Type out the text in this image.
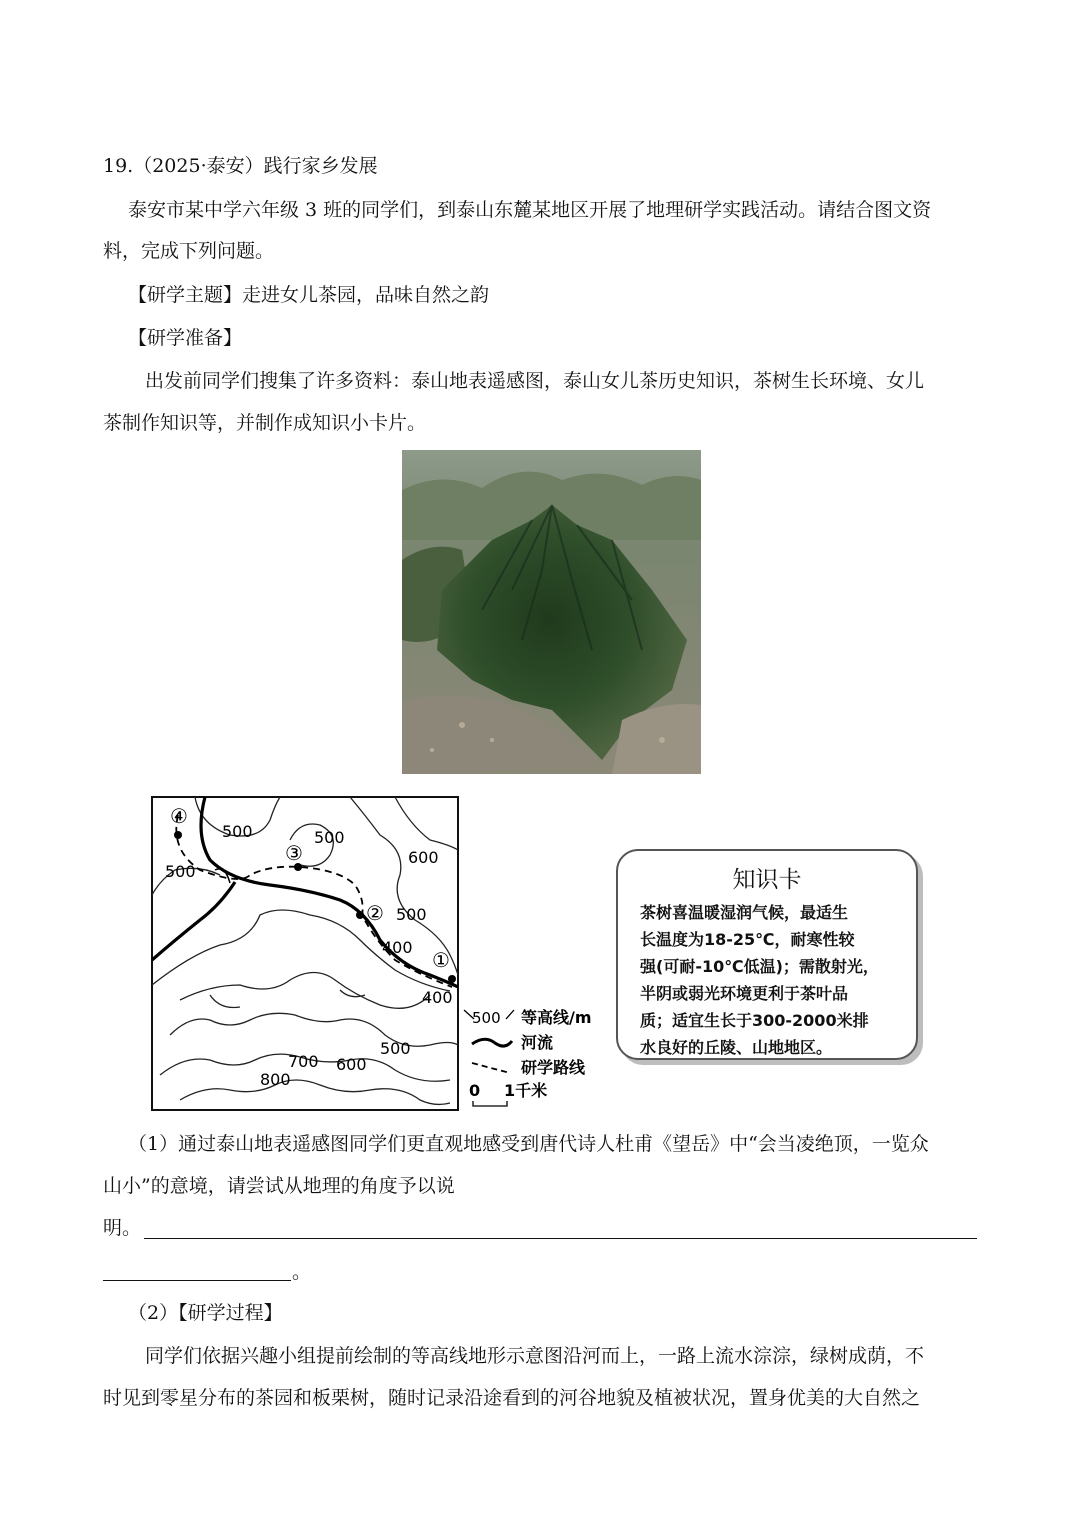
19.（2025·泰安）践行家乡发展
泰安市某中学六年级 3 班的同学们，到泰山东麓某地区开展了地理研学实践活动。请结合图文资
料，完成下列问题。
【研学主题】走进女儿茶园，品味自然之韵
【研学准备】
出发前同学们搜集了许多资料：泰山地表遥感图，泰山女儿茶历史知识，茶树生长环境、女儿
茶制作知识等，并制作成知识小卡片。
④
③
②
①
500	500
500
600
500
400
400
500
700 600
800
500 等高线/m
河流
研学路线
0 1千米
知识卡
茶树喜温暖湿润气候，最适生
长温度为18-25℃，耐寒性较
强(可耐-10℃低温)；需散射光，
半阴或弱光环境更利于茶叶品
质；适宜生长于300-2000米排
水良好的丘陵、山地地区。
（1）通过泰山地表遥感图同学们更直观地感受到唐代诗人杜甫《望岳》中“会当凌绝顶，一览众
山小”的意境，请尝试从地理的角度予以说
明。
。
（2）【研学过程】
同学们依据兴趣小组提前绘制的等高线地形示意图沿河而上，一路上流水淙淙，绿树成荫，不
时见到零星分布的茶园和板栗树，随时记录沿途看到的河谷地貌及植被状况，置身优美的大自然之
